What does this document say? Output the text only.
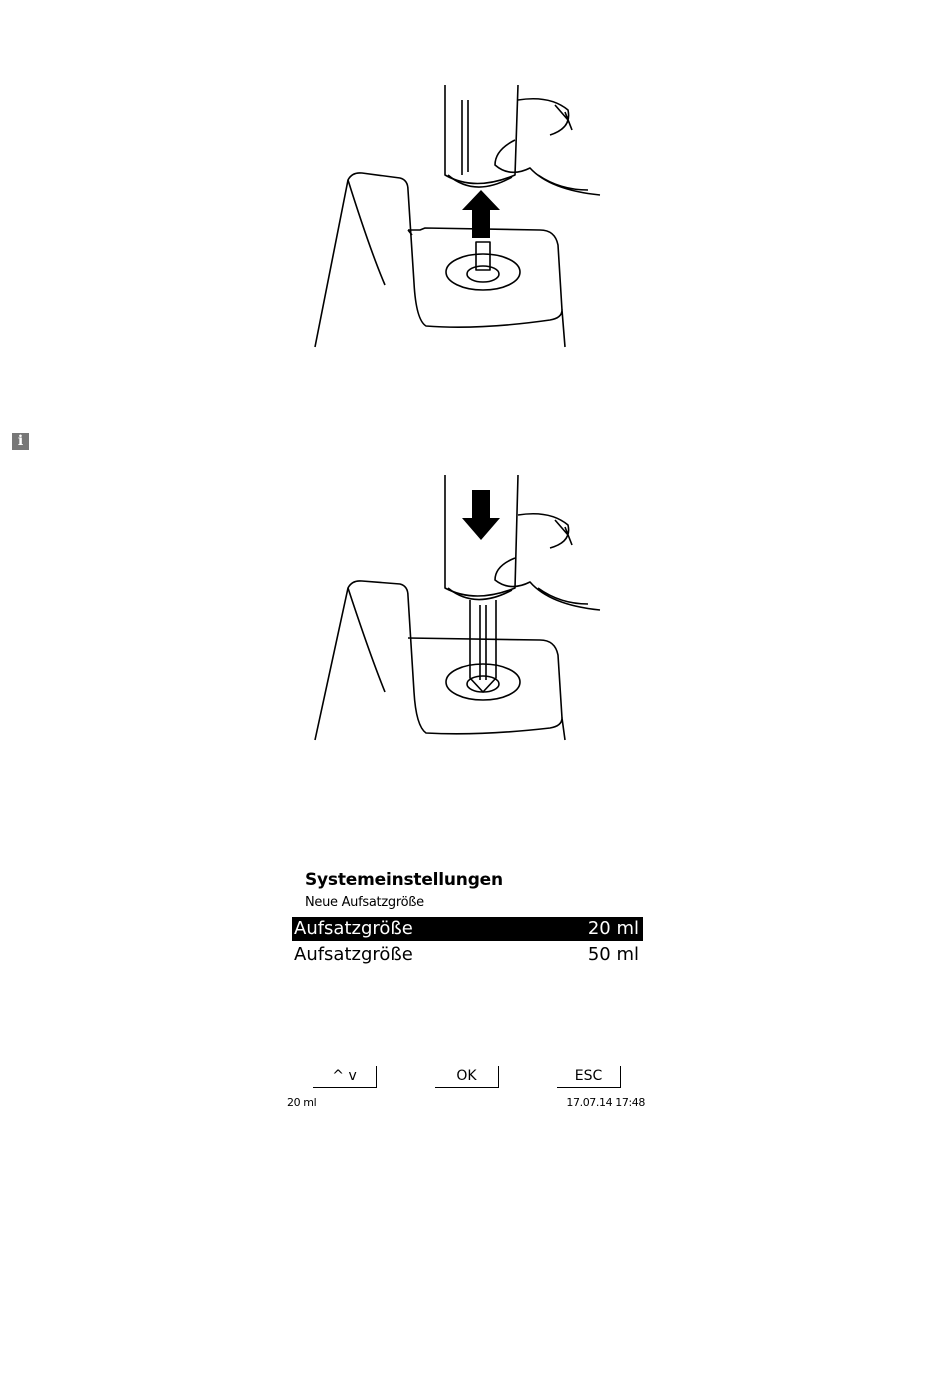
i
Systemeinstellungen
Neue Aufsatzgröße
Aufsatzgröße	20 ml
Aufsatzgröße	50 ml
^ v	OK	ESC
20 ml	17.07.14 17:48
